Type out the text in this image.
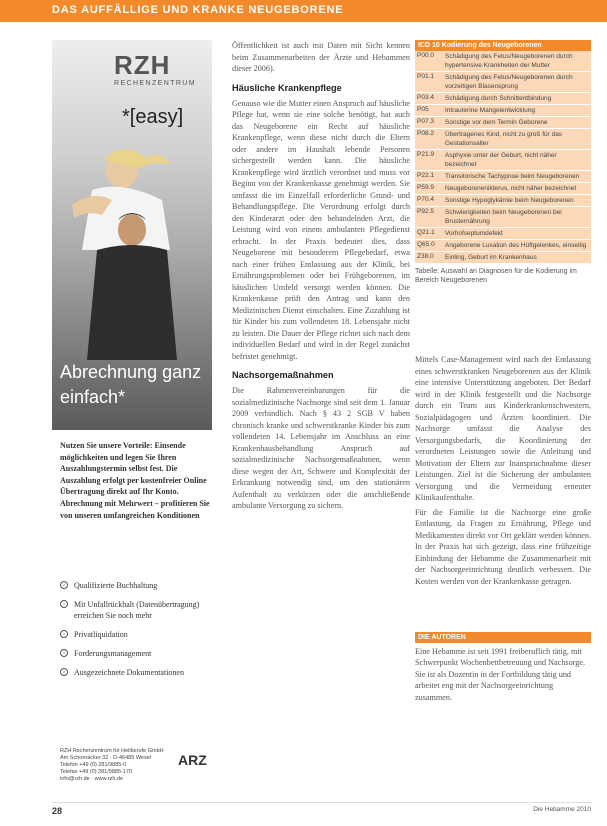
DAS AUFFÄLLIGE UND KRANKE NEUGEBORENE
RZH
RECHENZENTRUM
*[easy]
Abrechnung ganz einfach*
Nutzen Sie unsere Vorteile: Einsende möglichkeiten und legen Sie Ihren Auszahlungstermin selbst fest. Die Auszahlung erfolgt per kostenfreier Online Übertragung direkt auf Ihr Konto. Abrechnung mit Mehrwert – profitieren Sie von unseren umfangreichen Konditionen
›	Qualifizierte Buchhaltung
›	Mit Unfallrückhalt (Datenübertragung) erreichen Sie noch mehr
›	Privatliquidation
›	Forderungsmanagement
›	Ausgezeichnete Dokumentationen
RZH Rechenzentrum für Heilberufe GmbH
Am Schornacker 32 · D-46485 Wesel
Telefon +49 (0) 281/9885-0
Telefax +49 (0) 281/9885-170
info@rzh.de · www.rzh.de
ARZ

Öffentlichkeit ist auch mit Daten mit Sicht kennen beim Zusammenarbeiten der Ärzte und Hebammen dieser 2006).

Häusliche Krankenpflege

Genauso wie die Mutter einen Anspruch auf häusliche Pflege hat, wenn sie eine solche benötigt, hat auch das Neugeborene ein Recht auf häusliche Krankenpflege, wenn diese nicht durch die Eltern oder andere im Haushalt lebende Personen sichergestellt werden kann. Die häusliche Krankenpflege wird ärztlich verordnet und muss vor Beginn von der Krankenkasse genehmigt werden. Sie umfasst die im Einzelfall erforderliche Grund- und Behandlungspflege. Die Verordnung erfolgt durch den Kinderarzt oder den behandelnden Arzt, die Leistung wird von einem ambulanten Pflegedienst erbracht. In der Praxis bedeutet dies, dass Neugeborene mit besonderem Pflegebedarf, etwa nach einer frühen Entlassung aus der Klinik, bei Ernährungsproblemen oder bei Frühgeborenen, im häuslichen Umfeld versorgt werden können. Die Krankenkasse prüft den Antrag und kann den Medizinischen Dienst einschalten. Eine Zuzahlung ist für Kinder bis zum vollendeten 18. Lebensjahr nicht zu leisten. Die Dauer der Pflege richtet sich nach dem individuellen Bedarf und wird in der Regel zunächst befristet genehmigt.

Nachsorgemaßnahmen

Die Rahmenvereinbarungen für die sozialmedizinische Nachsorge sind seit dem 1. Januar 2009 verbindlich. Nach § 43 2 SGB V haben chronisch kranke und schwerstkranke Kinder bis zum vollendeten 14. Lebensjahr im Anschluss an eine Krankenhausbehandlung Anspruch auf sozialmedizinische Nachsorgemaßnahmen, wenn diese wegen der Art, Schwere und Komplexität der Erkrankung notwendig sind, um den stationären Aufenthalt zu verkürzen oder die anschließende ambulante Versorgung zu sichern.

ICD 10 Kodierung des Neugeborenen
P00.0	Schädigung des Fetus/Neugeborenen durch hypertensive Krankheiten der Mutter
P01.1	Schädigung des Fetus/Neugeborenen durch vorzeitigen Blasensprung
P03.4	Schädigung durch Schnittentbindung
P05	Intrauterine Mangelentwicklung
P07.3	Sonstige vor dem Termin Geborene
P08.2	Übertragenes Kind, nicht zu groß für das Gestationsalter
P21.9	Asphyxie unter der Geburt, nicht näher bezeichnet
P22.1	Transitorische Tachypnoe beim Neugeborenen
P59.9	Neugeborenenikterus, nicht näher bezeichnet
P70.4	Sonstige Hypoglykämie beim Neugeborenen
P92.5	Schwierigkeiten beim Neugeborenen bei Brusternährung
Q21.1	Vorhofseptumdefekt
Q65.0	Angeborene Luxation des Hüftgelenkes, einseitig
Z38.0	Einling, Geburt im Krankenhaus
Tabelle: Auswahl an Diagnosen für die Kodierung im Bereich Neugeborenen

Mittels Case-Management wird nach der Entlassung eines schwerstkranken Neugeborenen aus der Klinik eine intensive Unterstützung angeboten. Der Bedarf wird in der Klinik festgestellt und die Nachsorge durch ein Team aus Kinderkrankenschwestern, Sozialpädagogen und Ärzten koordiniert. Die Nachsorge umfasst die Analyse des Versorgungsbedarfs, die Koordinierung der verordneten Leistungen sowie die Anleitung und Motivation der Eltern zur Inanspruchnahme dieser Leistungen. Ziel ist die Sicherung der ambulanten Versorgung und die Vermeidung erneuter Klinikaufenthalte.

Für die Familie ist die Nachsorge eine große Entlastung, da Fragen zu Ernährung, Pflege und Medikamenten direkt vor Ort geklärt werden können. In der Praxis hat sich gezeigt, dass eine frühzeitige Einbindung der Hebamme die Zusammenarbeit mit der Nachsorgeeinrichtung deutlich verbessert. Die Kosten werden von der Krankenkasse getragen.

DIE AUTOREN
Eine Hebamme ist seit 1991 freiberuflich tätig, mit Schwerpunkt Wochenbettbetreuung und Nachsorge. Sie ist als Dozentin in der Fortbildung tätig und arbeitet eng mit der Nachsorgeeinrichtung zusammen.
28	Die Hebamme 2010
